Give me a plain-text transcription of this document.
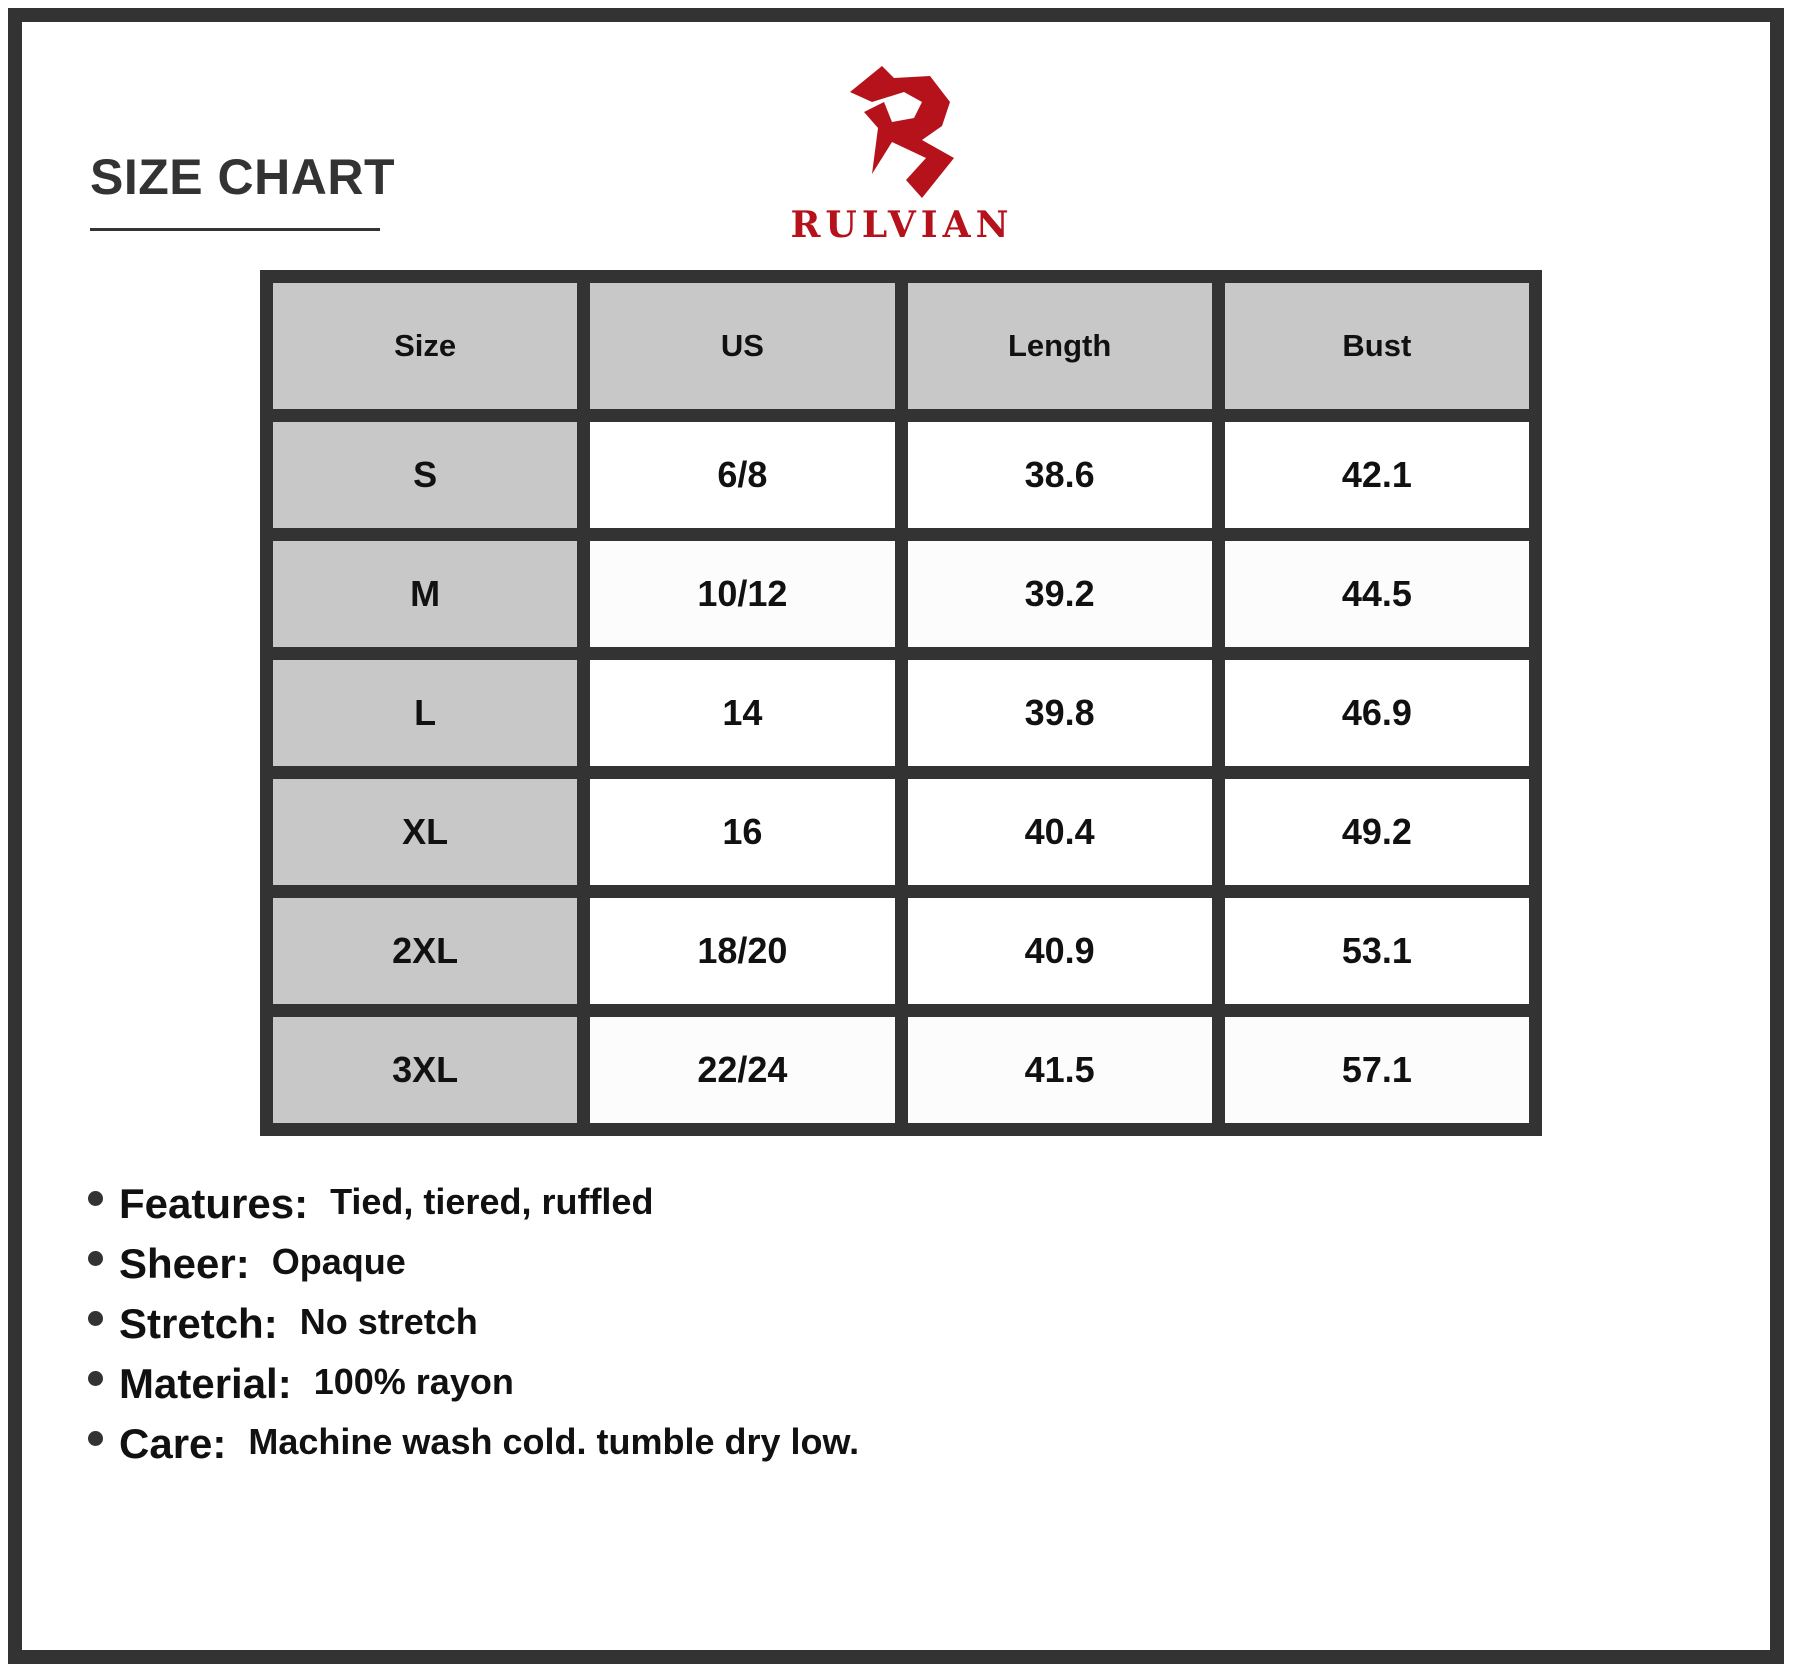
SIZE CHART
RULVIAN
Size	US	Length	Bust
S	6/8	38.6	42.1
M	10/12	39.2	44.5
L	14	39.8	46.9
XL	16	40.4	49.2
2XL	18/20	40.9	53.1
3XL	22/24	41.5	57.1
Features: Tied, tiered, ruffled
Sheer: Opaque
Stretch: No stretch
Material: 100% rayon
Care: Machine wash cold. tumble dry low.
